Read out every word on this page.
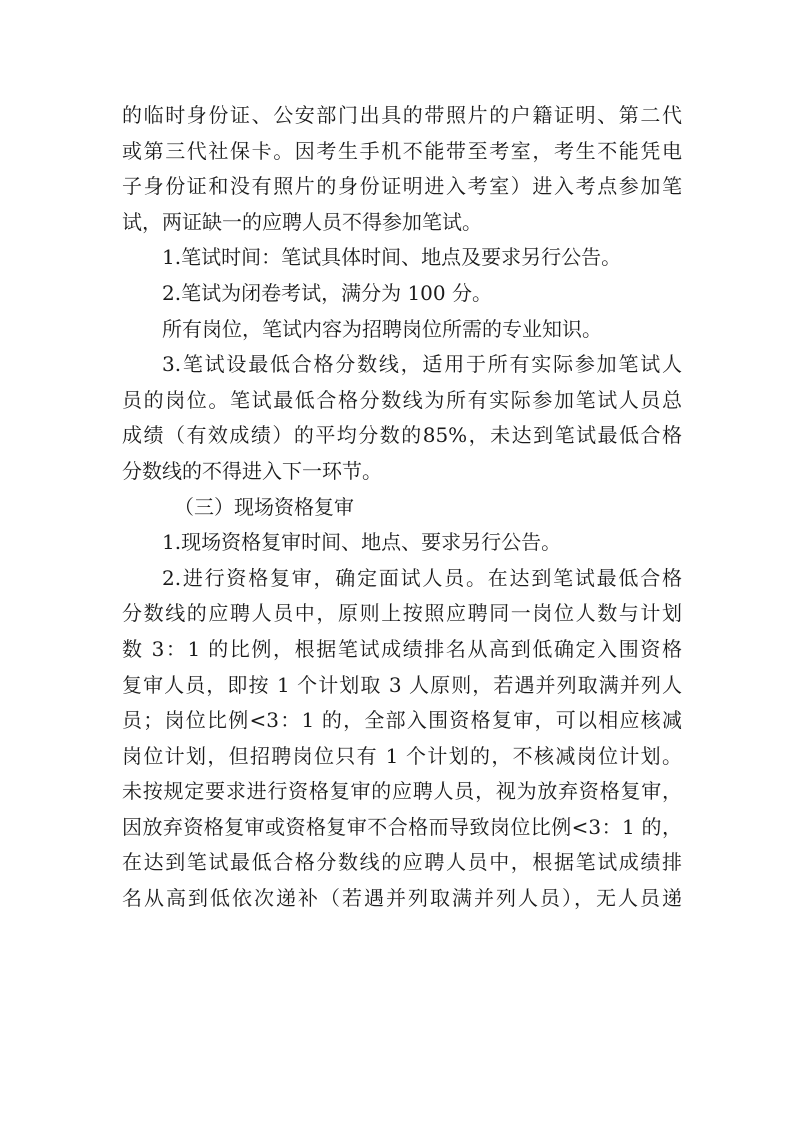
的临时身份证、公安部门出具的带照片的户籍证明、第二代
或第三代社保卡。因考生手机不能带至考室，考生不能凭电
子身份证和没有照片的身份证明进入考室）进入考点参加笔
试，两证缺一的应聘人员不得参加笔试。
1.笔试时间：笔试具体时间、地点及要求另行公告。
2.笔试为闭卷考试，满分为 100 分。
所有岗位，笔试内容为招聘岗位所需的专业知识。
3.笔试设最低合格分数线，适用于所有实际参加笔试人
员的岗位。笔试最低合格分数线为所有实际参加笔试人员总
成绩（有效成绩）的平均分数的85%，未达到笔试最低合格
分数线的不得进入下一环节。
（三）现场资格复审
1.现场资格复审时间、地点、要求另行公告。
2.进行资格复审，确定面试人员。在达到笔试最低合格
分数线的应聘人员中，原则上按照应聘同一岗位人数与计划
数 3：1 的比例，根据笔试成绩排名从高到低确定入围资格
复审人员，即按 1 个计划取 3 人原则，若遇并列取满并列人
员；岗位比例<3：1 的，全部入围资格复审，可以相应核减
岗位计划，但招聘岗位只有 1 个计划的，不核减岗位计划。
未按规定要求进行资格复审的应聘人员，视为放弃资格复审，
因放弃资格复审或资格复审不合格而导致岗位比例<3：1 的，
在达到笔试最低合格分数线的应聘人员中，根据笔试成绩排
名从高到低依次递补（若遇并列取满并列人员），无人员递
